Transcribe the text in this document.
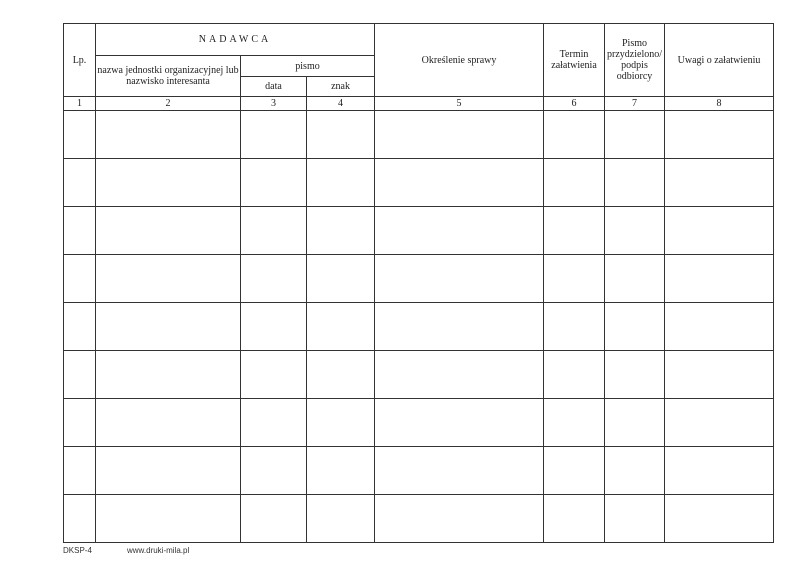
Lp.	NADAWCA			Określenie sprawy	Termin załatwienia	Pismo przydzielono/ podpis odbiorcy	Uwagi o załatwieniu
	nazwa jednostki organizacyjnej lub nazwisko interesanta	pismo					
		data	znak				
1	2	3	4	5	6	7	8

DKSP-4	www.druki-mila.pl
